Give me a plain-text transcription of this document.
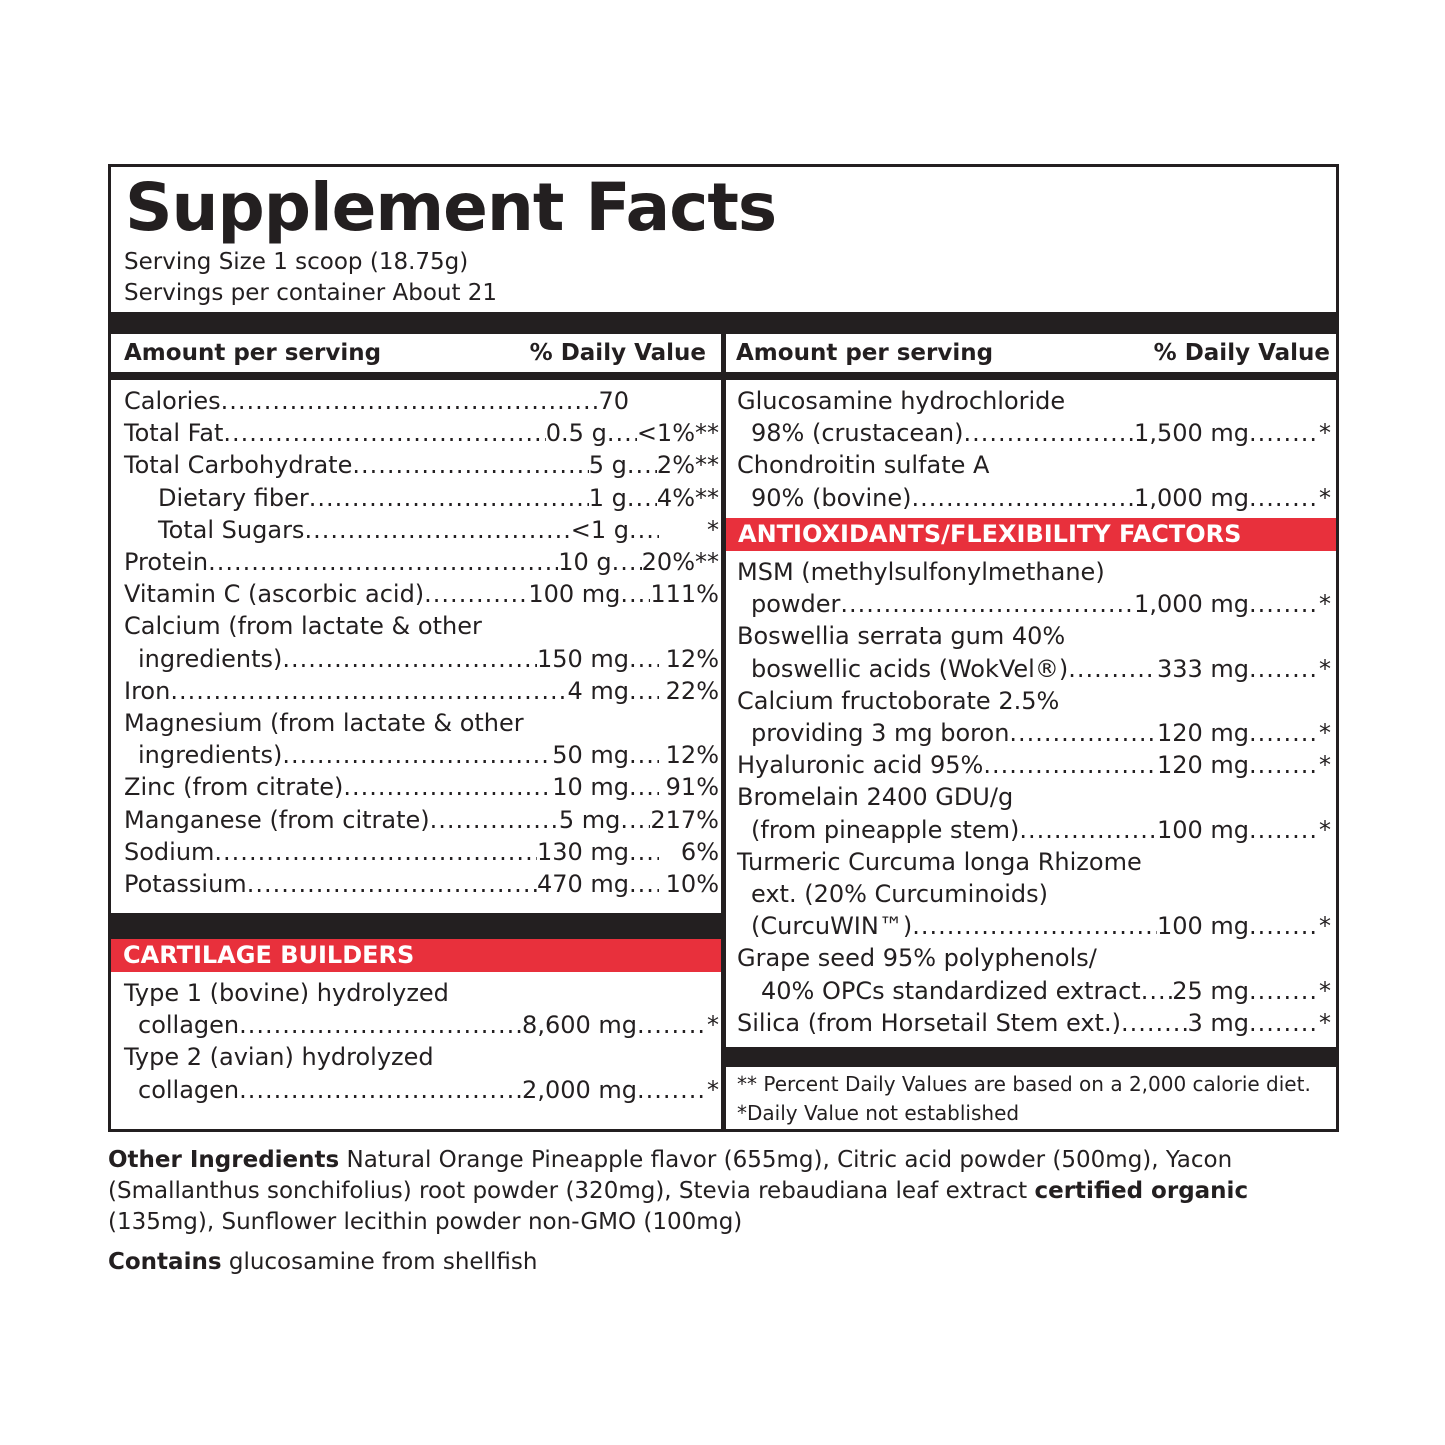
Supplement Facts
Serving Size 1 scoop (18.75g)
Servings per container About 21
Amount per serving	% Daily Value Amount per serving	% Daily Value
Calories .....	70
Total Fat .....	0.5 g ..... <1%**
Total Carbohydrate .....	5 g ..... 2%**
Dietary fiber .....	1 g ..... 4%**
Total Sugars .....	<1 g .....	*
Protein .....	10 g ..... 20%**
Vitamin C (ascorbic acid) .....	100 mg ..... 111%
Calcium (from lactate & other
ingredients) .....	150 mg ..... 12%
Iron .....	4 mg ..... 22%
Magnesium (from lactate & other
ingredients) .....	50 mg ..... 12%
Zinc (from citrate) .....	10 mg ..... 91%
Manganese (from citrate) .....	5 mg ..... 217%
Sodium .....	130 mg .....	6%
Potassium .....	470 mg ..... 10%
CARTILAGE BUILDERS
Type 1 (bovine) hydrolyzed
collagen .....	8,600 mg .....	*
Type 2 (avian) hydrolyzed
collagen .....	2,000 mg .....	*
Glucosamine hydrochloride
98% (crustacean) .....	1,500 mg .....	*
Chondroitin sulfate A
90% (bovine) .....	1,000 mg .....	*
ANTIOXIDANTS/FLEXIBILITY FACTORS
MSM (methylsulfonylmethane)
powder .....	1,000 mg .....	*
Boswellia serrata gum 40%
boswellic acids (WokVel®) .....	333 mg .....	*
Calcium fructoborate 2.5%
providing 3 mg boron .....	120 mg .....	*
Hyaluronic acid 95% .....	120 mg .....	*
Bromelain 2400 GDU/g
(from pineapple stem) .....	100 mg .....	*
Turmeric Curcuma longa Rhizome
ext. (20% Curcuminoids)
(CurcuWIN™) .....	100 mg .....	*
Grape seed 95% polyphenols/
40% OPCs standardized extract ..... 25 mg .....	*
Silica (from Horsetail Stem ext.) .....	3 mg .....	*
** Percent Daily Values are based on a 2,000 calorie diet.
*Daily Value not established
Other Ingredients Natural Orange Pineapple flavor (655mg), Citric acid powder (500mg), Yacon (Smallanthus sonchifolius) root powder (320mg), Stevia rebaudiana leaf extract certified organic (135mg), Sunflower lecithin powder non-GMO (100mg)
Contains glucosamine from shellfish
